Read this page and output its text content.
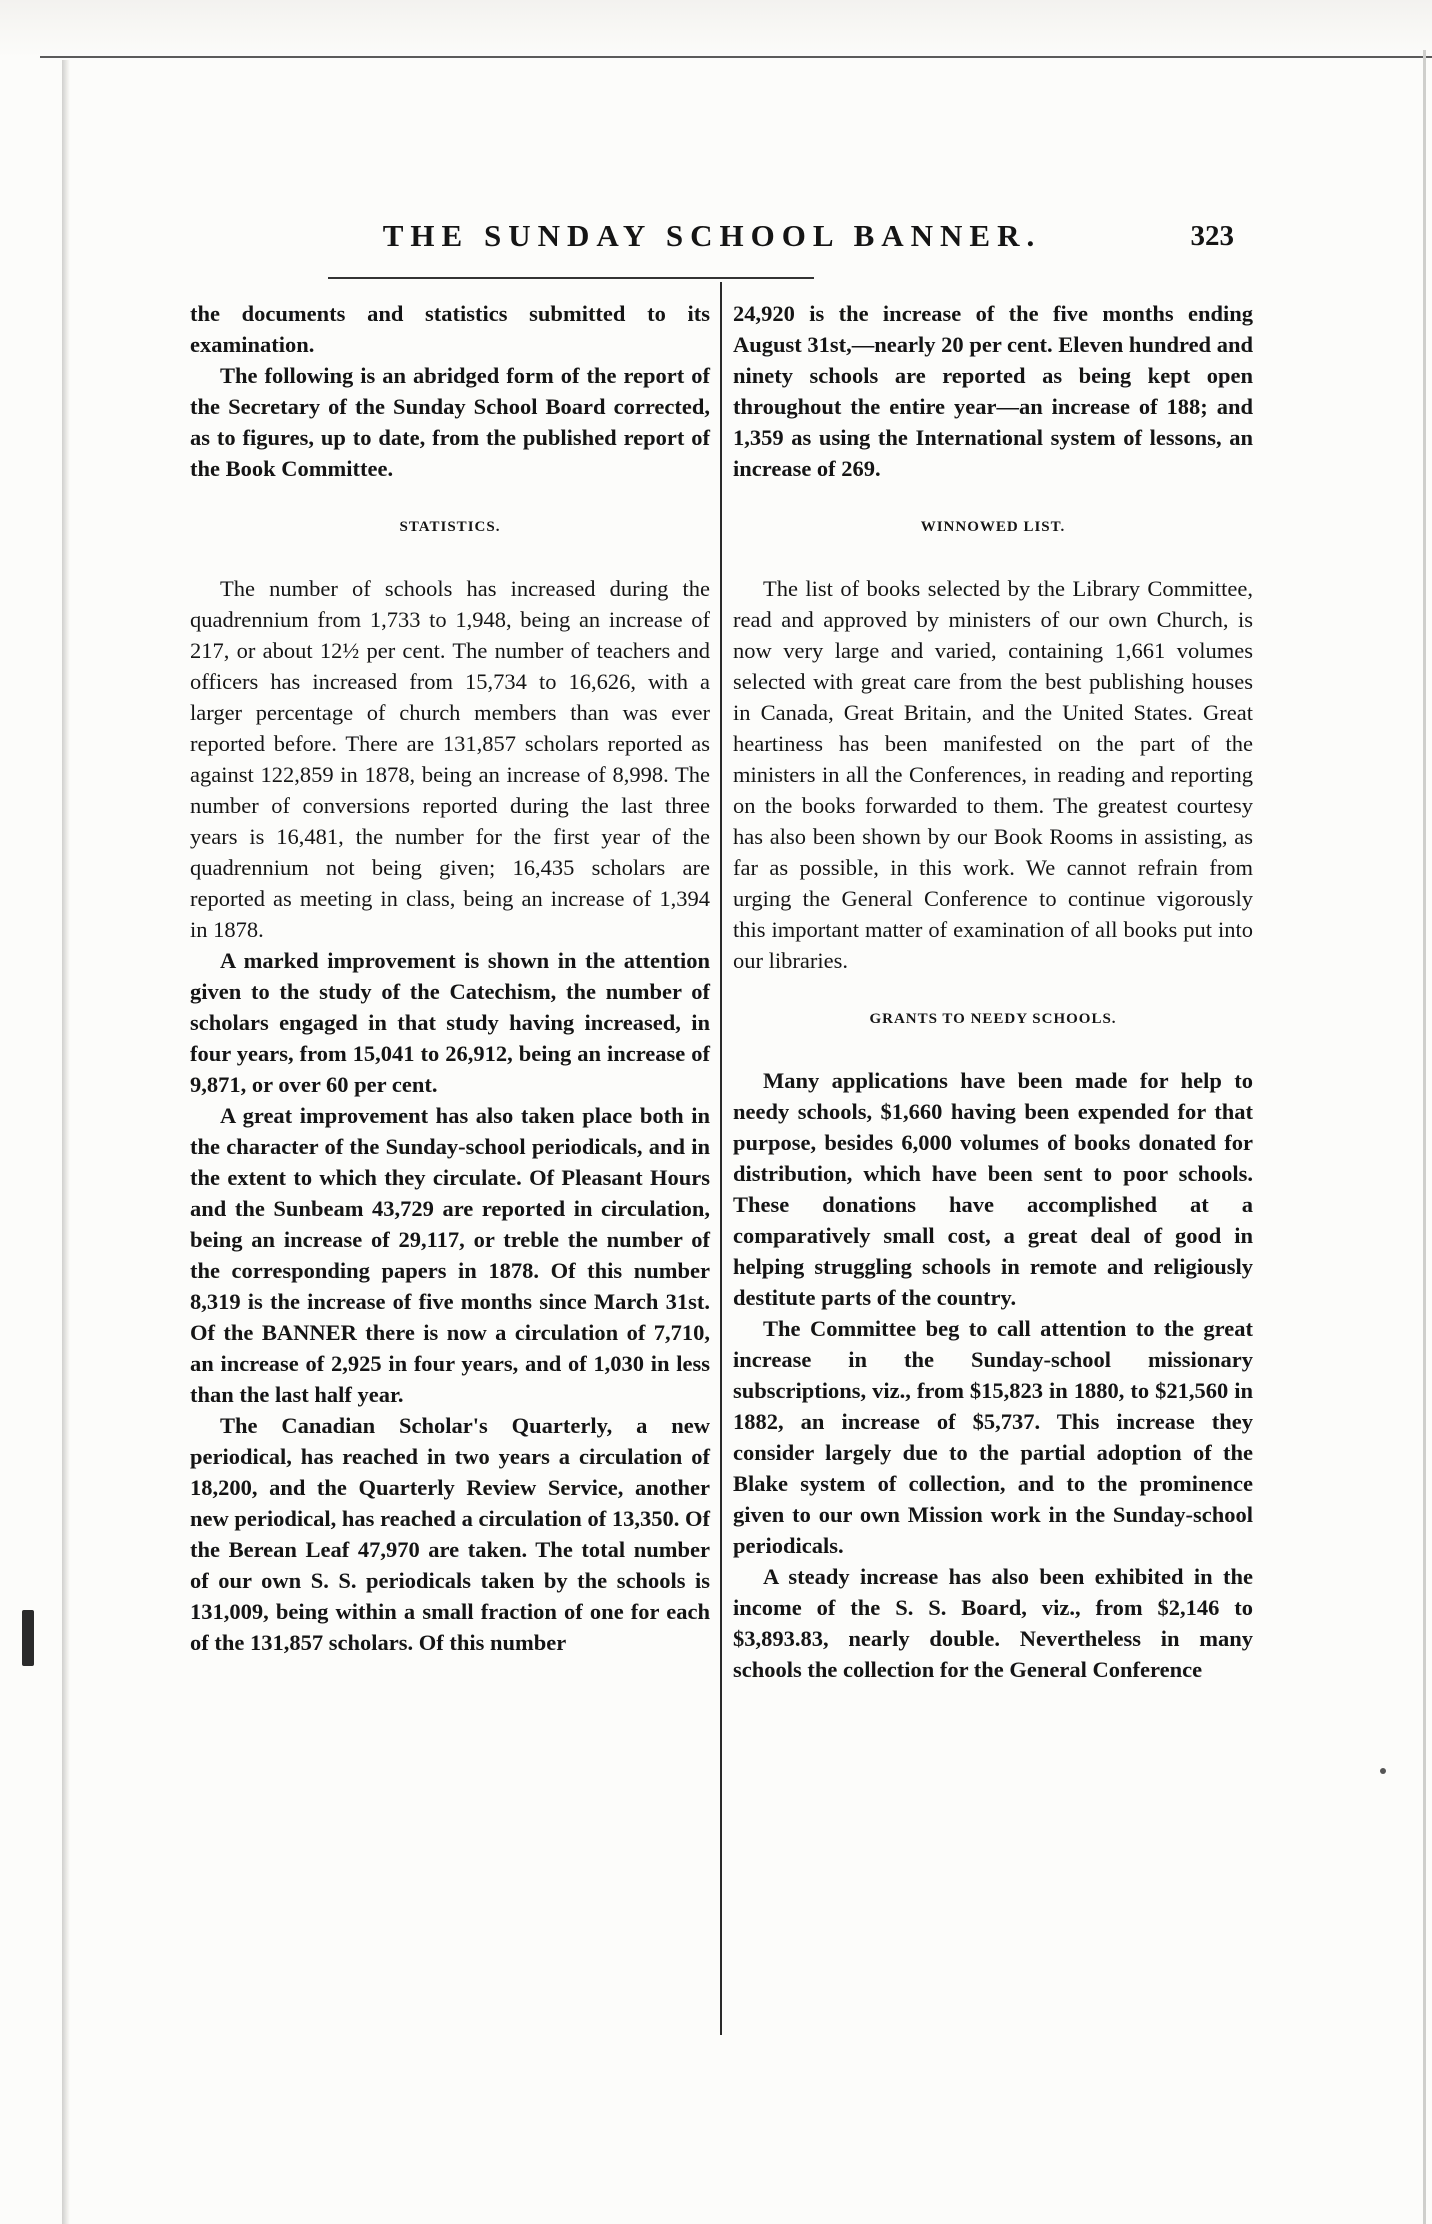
THE SUNDAY SCHOOL BANNER.	323

the documents and statistics submitted to its examination.

The following is an abridged form of the report of the Secretary of the Sunday School Board corrected, as to figures, up to date, from the published report of the Book Committee.

STATISTICS.

The number of schools has increased during the quadrennium from 1,733 to 1,948, being an increase of 217, or about 12½ per cent. The number of teachers and officers has increased from 15,734 to 16,626, with a larger percentage of church members than was ever reported before. There are 131,857 scholars reported as against 122,859 in 1878, being an increase of 8,998. The number of conversions reported during the last three years is 16,481, the number for the first year of the quadrennium not being given; 16,435 scholars are reported as meeting in class, being an increase of 1,394 in 1878.

A marked improvement is shown in the attention given to the study of the Catechism, the number of scholars engaged in that study having increased, in four years, from 15,041 to 26,912, being an increase of 9,871, or over 60 per cent.

A great improvement has also taken place both in the character of the Sunday-school periodicals, and in the extent to which they circulate. Of Pleasant Hours and the Sunbeam 43,729 are reported in circulation, being an increase of 29,117, or treble the number of the corresponding papers in 1878. Of this number 8,319 is the increase of five months since March 31st. Of the BANNER there is now a circulation of 7,710, an increase of 2,925 in four years, and of 1,030 in less than the last half year.

The Canadian Scholar's Quarterly, a new periodical, has reached in two years a circulation of 18,200, and the Quarterly Review Service, another new periodical, has reached a circulation of 13,350. Of the Berean Leaf 47,970 are taken. The total number of our own S. S. periodicals taken by the schools is 131,009, being within a small fraction of one for each of the 131,857 scholars. Of this number

24,920 is the increase of the five months ending August 31st,—nearly 20 per cent. Eleven hundred and ninety schools are reported as being kept open throughout the entire year—an increase of 188; and 1,359 as using the International system of lessons, an increase of 269.

WINNOWED LIST.

The list of books selected by the Library Committee, read and approved by ministers of our own Church, is now very large and varied, containing 1,661 volumes selected with great care from the best publishing houses in Canada, Great Britain, and the United States. Great heartiness has been manifested on the part of the ministers in all the Conferences, in reading and reporting on the books forwarded to them. The greatest courtesy has also been shown by our Book Rooms in assisting, as far as possible, in this work. We cannot refrain from urging the General Conference to continue vigorously this important matter of examination of all books put into our libraries.

GRANTS TO NEEDY SCHOOLS.

Many applications have been made for help to needy schools, $1,660 having been expended for that purpose, besides 6,000 volumes of books donated for distribution, which have been sent to poor schools. These donations have accomplished at a comparatively small cost, a great deal of good in helping struggling schools in remote and religiously destitute parts of the country.

The Committee beg to call attention to the great increase in the Sunday-school missionary subscriptions, viz., from $15,823 in 1880, to $21,560 in 1882, an increase of $5,737. This increase they consider largely due to the partial adoption of the Blake system of collection, and to the prominence given to our own Mission work in the Sunday-school periodicals.

A steady increase has also been exhibited in the income of the S. S. Board, viz., from $2,146 to $3,893.83, nearly double. Nevertheless in many schools the collection for the General Conference
